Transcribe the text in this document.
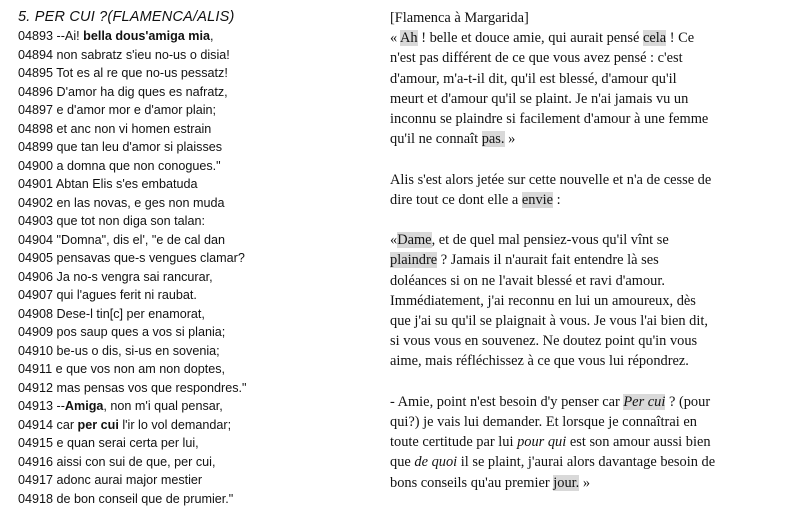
5. PER CUI ?(FLAMENCA/ALIS)
04893 --Ai! bella dous'amiga mia,
04894 non sabratz s'ieu no-us o disia!
04895 Tot es al re que no-us pessatz!
04896 D'amor ha dig ques es nafratz,
04897 e d'amor mor e d'amor plain;
04898 et anc non vi homen estrain
04899 que tan leu d'amor si plaisses
04900 a domna que non conogues."
04901 Abtan Elis s'es embatuda
04902 en las novas, e ges non muda
04903 que tot non diga son talan:
04904 "Domna", dis el', "e de cal dan
04905 pensavas que-s vengues clamar?
04906 Ja no-s vengra sai rancurar,
04907 qui l'agues ferit ni raubat.
04908 Dese-l tin[c] per enamorat,
04909 pos saup ques a vos si plania;
04910 be-us o dis, si-us en sovenia;
04911 e que vos non am non doptes,
04912 mas pensas vos que respondres."
04913 --Amiga, non m'i qual pensar,
04914 car per cui l'ir lo vol demandar;
04915 e quan serai certa per lui,
04916 aissi con sui de que, per cui,
04917 adonc aurai major mestier
04918 de bon conseil que de prumier."
[Flamenca à Margarida]
« Ah ! belle et douce amie, qui aurait pensé cela ! Ce
n'est pas différent de ce que vous avez pensé : c'est
d'amour, m'a-t-il dit, qu'il est blessé, d'amour qu'il
meurt et d'amour qu'il se plaint. Je n'ai jamais vu un
inconnu se plaindre si facilement d'amour à une femme
qu'il ne connaît pas. »
Alis s'est alors jetée sur cette nouvelle et n'a de cesse de
dire tout ce dont elle a envie :
«Dame, et de quel mal pensiez-vous qu'il vînt se
plaindre ? Jamais il n'aurait fait entendre là ses
doléances si on ne l'avait blessé et ravi d'amour.
Immédiatement, j'ai reconnu en lui un amoureux, dès
que j'ai su qu'il se plaignait à vous. Je vous l'ai bien dit,
si vous vous en souvenez. Ne doutez point qu'in vous
aime, mais réfléchissez à ce que vous lui répondrez.
- Amie, point n'est besoin d'y penser car Per cui ? (pour
qui?) je vais lui demander. Et lorsque je connaîtrai en
toute certitude par lui pour qui est son amour aussi bien
que de quoi il se plaint, j'aurai alors davantage besoin de
bons conseils qu'au premier jour. »
